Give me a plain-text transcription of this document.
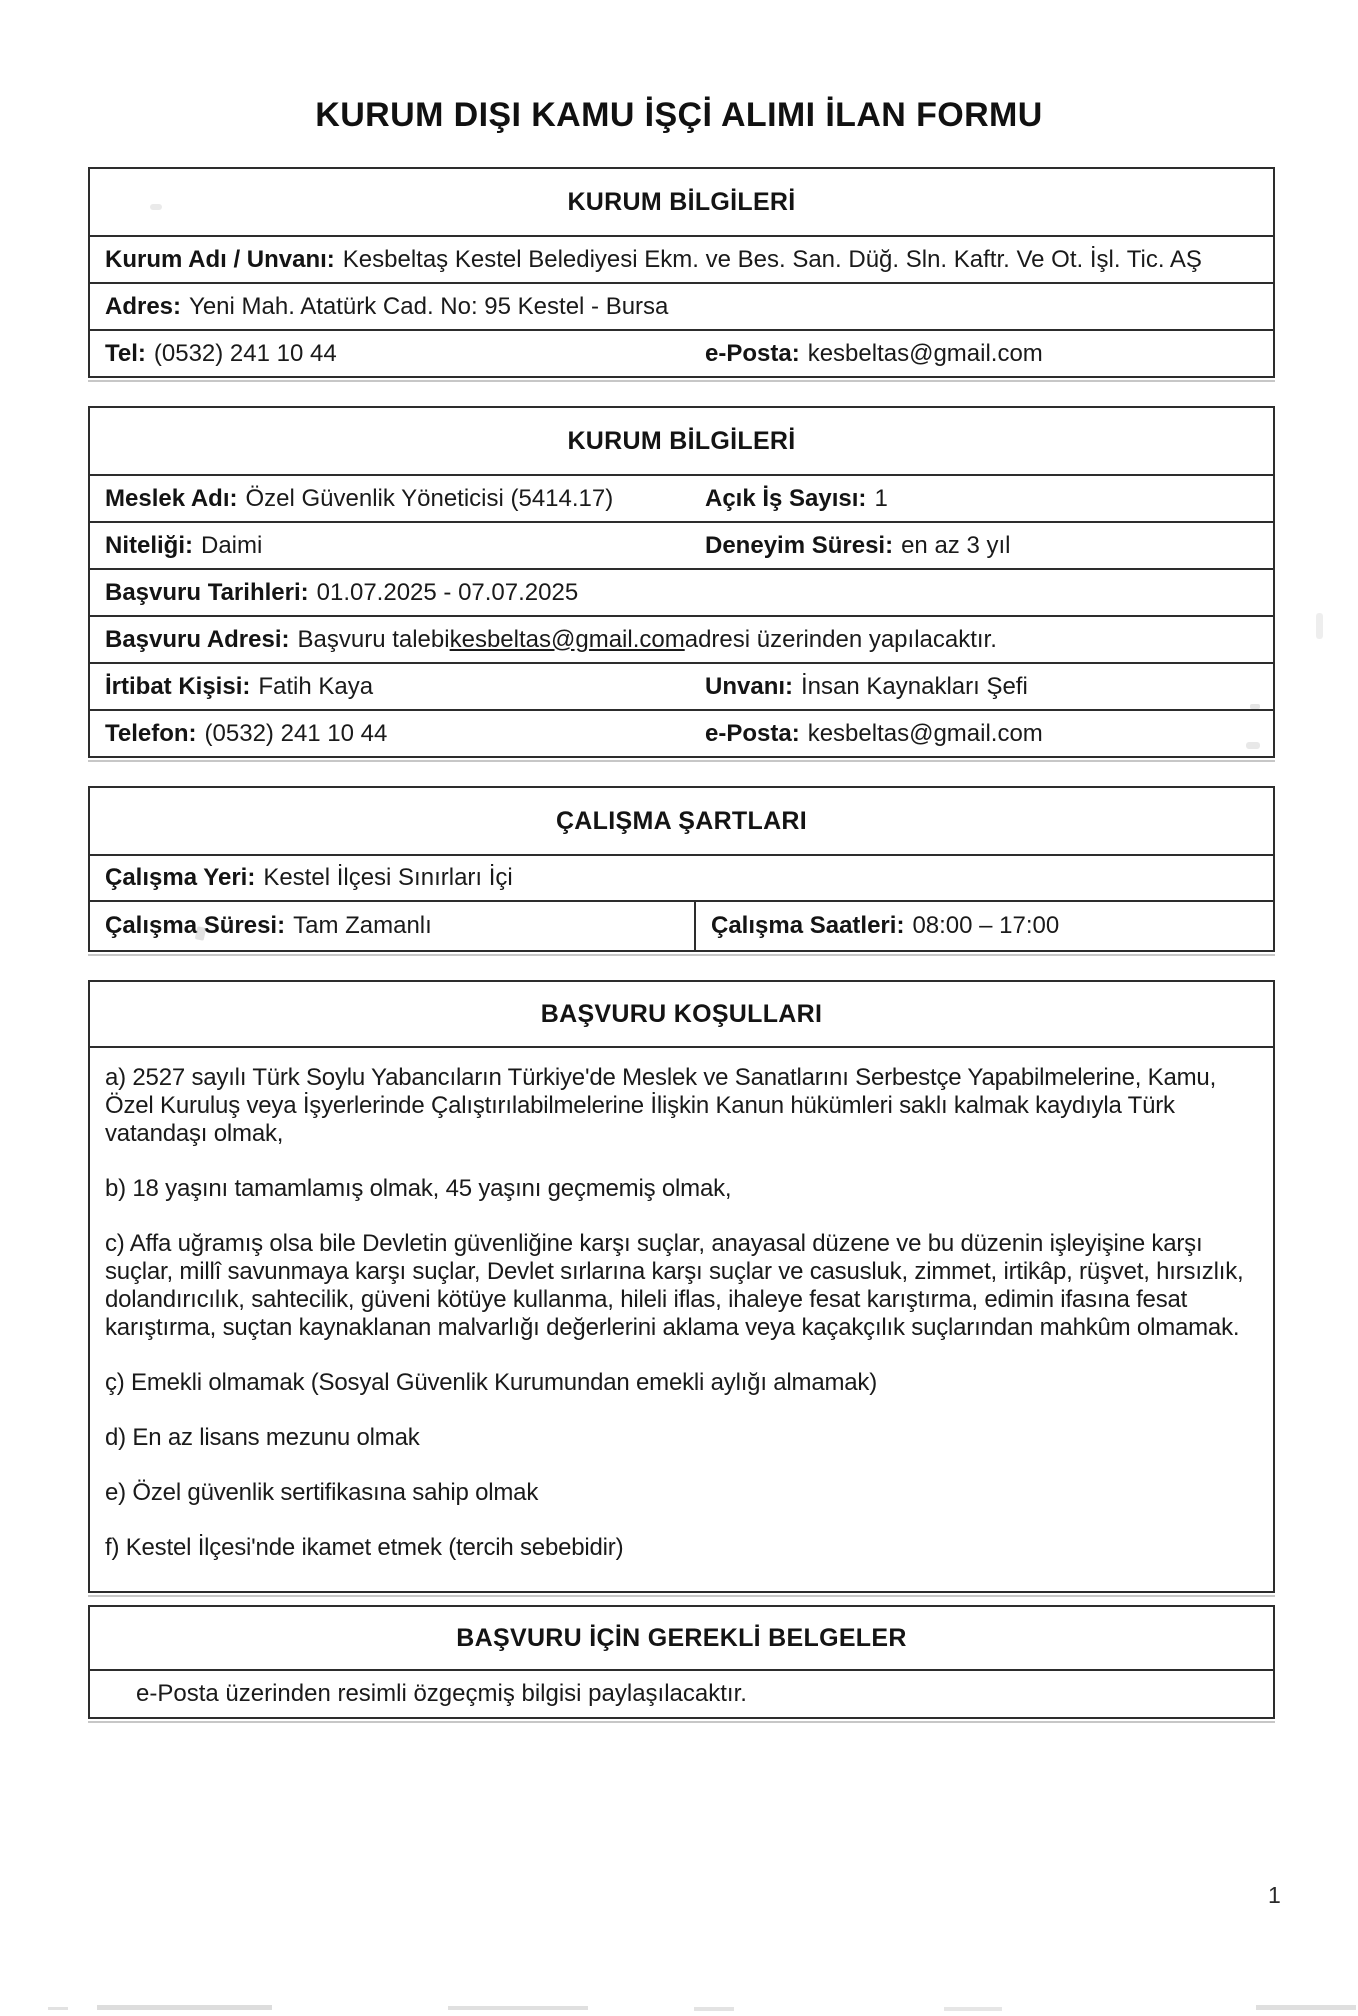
KURUM DIŞI KAMU İŞÇİ ALIMI İLAN FORMU
KURUM BİLGİLERİ
Kurum Adı / Unvanı: Kesbeltaş Kestel Belediyesi Ekm. ve Bes. San. Düğ. Sln. Kaftr. Ve Ot. İşl. Tic. AŞ
Adres: Yeni Mah. Atatürk Cad. No: 95 Kestel - Bursa
Tel: (0532) 241 10 44	e-Posta: kesbeltas@gmail.com
KURUM BİLGİLERİ
Meslek Adı: Özel Güvenlik Yöneticisi (5414.17)	Açık İş Sayısı: 1
Niteliği: Daimi	Deneyim Süresi: en az 3 yıl
Başvuru Tarihleri: 01.07.2025 - 07.07.2025
Başvuru Adresi: Başvuru talebi kesbeltas@gmail.com adresi üzerinden yapılacaktır.
İrtibat Kişisi: Fatih Kaya	Unvanı: İnsan Kaynakları Şefi
Telefon: (0532) 241 10 44	e-Posta: kesbeltas@gmail.com
ÇALIŞMA ŞARTLARI
Çalışma Yeri: Kestel İlçesi Sınırları İçi
Çalışma Süresi: Tam Zamanlı	Çalışma Saatleri: 08:00 – 17:00
BAŞVURU KOŞULLARI

a) 2527 sayılı Türk Soylu Yabancıların Türkiye'de Meslek ve Sanatlarını Serbestçe Yapabilmelerine, Kamu, Özel Kuruluş veya İşyerlerinde Çalıştırılabilmelerine İlişkin Kanun hükümleri saklı kalmak kaydıyla Türk vatandaşı olmak,

b) 18 yaşını tamamlamış olmak, 45 yaşını geçmemiş olmak,

c) Affa uğramış olsa bile Devletin güvenliğine karşı suçlar, anayasal düzene ve bu düzenin işleyişine karşı suçlar, millî savunmaya karşı suçlar, Devlet sırlarına karşı suçlar ve casusluk, zimmet, irtikâp, rüşvet, hırsızlık, dolandırıcılık, sahtecilik, güveni kötüye kullanma, hileli iflas, ihaleye fesat karıştırma, edimin ifasına fesat karıştırma, suçtan kaynaklanan malvarlığı değerlerini aklama veya kaçakçılık suçlarından mahkûm olmamak.

ç) Emekli olmamak (Sosyal Güvenlik Kurumundan emekli aylığı almamak)

d) En az lisans mezunu olmak

e) Özel güvenlik sertifikasına sahip olmak

f) Kestel İlçesi'nde ikamet etmek (tercih sebebidir)

BAŞVURU İÇİN GEREKLİ BELGELER
e-Posta üzerinden resimli özgeçmiş bilgisi paylaşılacaktır.
1
